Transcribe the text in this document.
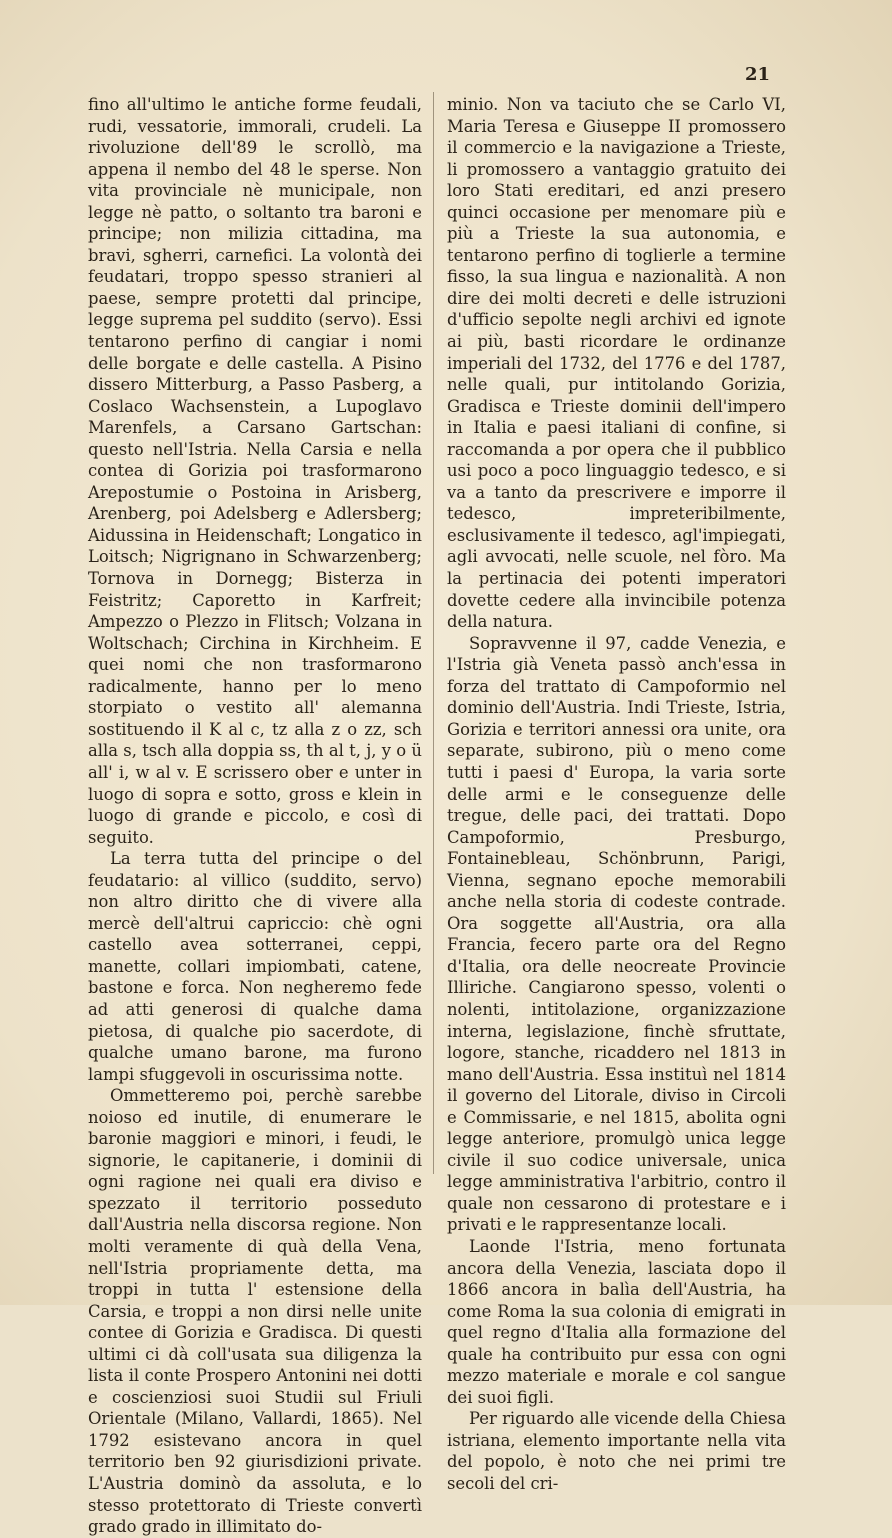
21

fino all'ultimo le antiche forme feudali, rudi, vessatorie, immorali, crudeli. La rivoluzione dell'89 le scrollò, ma appena il nembo del 48 le sperse. Non vita provinciale nè municipale, non legge nè patto, o soltanto tra baroni e principe; non milizia cittadina, ma bravi, sgherri, carnefici. La volontà dei feudatari, troppo spesso stranieri al paese, sempre protetti dal principe, legge suprema pel suddito (servo). Essi tentarono perfino di cangiar i nomi delle borgate e delle castella. A Pisino dissero Mitterburg, a Passo Pasberg, a Coslaco Wachsenstein, a Lupoglavo Marenfels, a Carsano Gartschan: questo nell'Istria. Nella Carsia e nella contea di Gorizia poi trasformarono Arepostumie o Postoina in Arisberg, Arenberg, poi Adelsberg e Adlersberg; Aidussina in Heidenschaft; Longatico in Loitsch; Nigrignano in Schwarzenberg; Tornova in Dornegg; Bisterza in Feistritz; Caporetto in Karfreit; Ampezzo o Plezzo in Flitsch; Volzana in Woltschach; Circhina in Kirchheim. E quei nomi che non trasformarono radicalmente, hanno per lo meno storpiato o vestito all' alemanna sostituendo il K al c, tz alla z o zz, sch alla s, tsch alla doppia ss, th al t, j, y o ü all' i, w al v. E scrissero ober e unter in luogo di sopra e sotto, gross e klein in luogo di grande e piccolo, e così di seguito.

La terra tutta del principe o del feudatario: al villico (suddito, servo) non altro diritto che di vivere alla mercè dell'altrui capriccio: chè ogni castello avea sotterranei, ceppi, manette, collari impiombati, catene, bastone e forca. Non negheremo fede ad atti generosi di qualche dama pietosa, di qualche pio sacerdote, di qualche umano barone, ma furono lampi sfuggevoli in oscurissima notte.

Ommetteremo poi, perchè sarebbe noioso ed inutile, di enumerare le baronie maggiori e minori, i feudi, le signorie, le capitanerie, i dominii di ogni ragione nei quali era diviso e spezzato il territorio posseduto dall'Austria nella discorsa regione. Non molti veramente di quà della Vena, nell'Istria propriamente detta, ma troppi in tutta l' estensione della Carsia, e troppi a non dirsi nelle unite contee di Gorizia e Gradisca. Di questi ultimi ci dà coll'usata sua diligenza la lista il conte Prospero Antonini nei dotti e coscienziosi suoi Studii sul Friuli Orientale (Milano, Vallardi, 1865). Nel 1792 esistevano ancora in quel territorio ben 92 giurisdizioni private. L'Austria dominò da assoluta, e lo stesso protettorato di Trieste convertì grado grado in illimitato do-

minio. Non va taciuto che se Carlo VI, Maria Teresa e Giuseppe II promossero il commercio e la navigazione a Trieste, li promossero a vantaggio gratuito dei loro Stati ereditari, ed anzi presero quinci occasione per menomare più e più a Trieste la sua autonomia, e tentarono perfino di toglierle a termine fisso, la sua lingua e nazionalità. A non dire dei molti decreti e delle istruzioni d'ufficio sepolte negli archivi ed ignote ai più, basti ricordare le ordinanze imperiali del 1732, del 1776 e del 1787, nelle quali, pur intitolando Gorizia, Gradisca e Trieste dominii dell'impero in Italia e paesi italiani di confine, si raccomanda a por opera che il pubblico usi poco a poco linguaggio tedesco, e si va a tanto da prescrivere e imporre il tedesco, impreteribilmente, esclusivamente il tedesco, agl'impiegati, agli avvocati, nelle scuole, nel fòro. Ma la pertinacia dei potenti imperatori dovette cedere alla invincibile potenza della natura.

Sopravvenne il 97, cadde Venezia, e l'Istria già Veneta passò anch'essa in forza del trattato di Campoformio nel dominio dell'Austria. Indi Trieste, Istria, Gorizia e territori annessi ora unite, ora separate, subirono, più o meno come tutti i paesi d' Europa, la varia sorte delle armi e le conseguenze delle tregue, delle paci, dei trattati. Dopo Campoformio, Presburgo, Fontainebleau, Schönbrunn, Parigi, Vienna, segnano epoche memorabili anche nella storia di codeste contrade. Ora soggette all'Austria, ora alla Francia, fecero parte ora del Regno d'Italia, ora delle neocreate Provincie Illiriche. Cangiarono spesso, volenti o nolenti, intitolazione, organizzazione interna, legislazione, finchè sfruttate, logore, stanche, ricaddero nel 1813 in mano dell'Austria. Essa instituì nel 1814 il governo del Litorale, diviso in Circoli e Commissarie, e nel 1815, abolita ogni legge anteriore, promulgò unica legge civile il suo codice universale, unica legge amministrativa l'arbitrio, contro il quale non cessarono di protestare e i privati e le rappresentanze locali.

Laonde l'Istria, meno fortunata ancora della Venezia, lasciata dopo il 1866 ancora in balìa dell'Austria, ha come Roma la sua colonia di emigrati in quel regno d'Italia alla formazione del quale ha contribuito pur essa con ogni mezzo materiale e morale e col sangue dei suoi figli.

Per riguardo alle vicende della Chiesa istriana, elemento importante nella vita del popolo, è noto che nei primi tre secoli del cri-
